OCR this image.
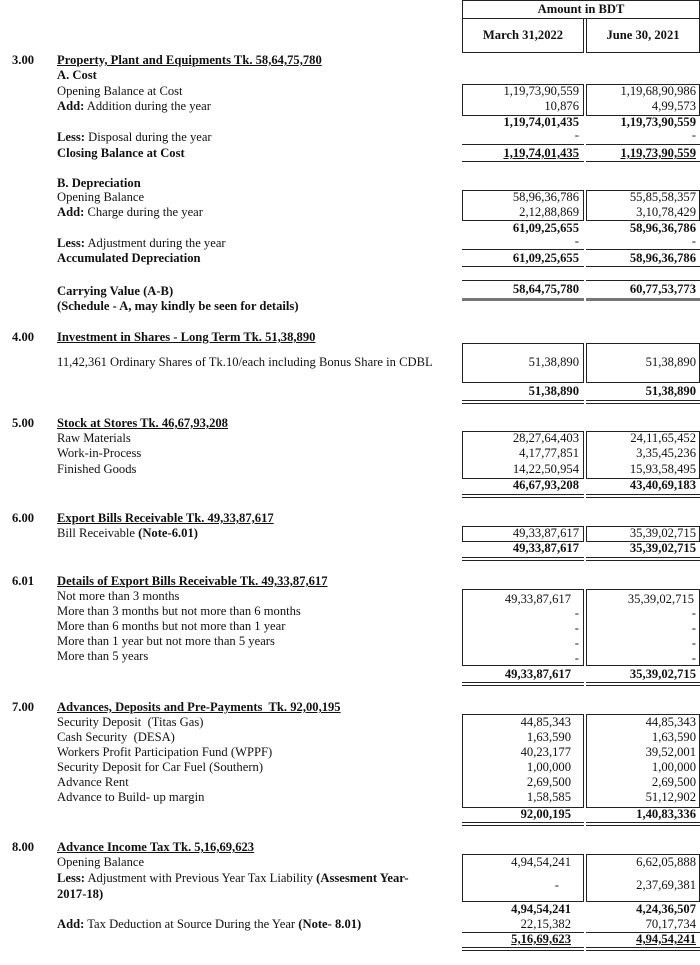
Amount in BDT
March 31,2022	June 30, 2021
3.00 Property, Plant and Equipments Tk. 58,64,75,780
A. Cost
Opening Balance at Cost	1,19,73,90,559	1,19,68,90,986
Add: Addition during the year	10,876	4,99,573
1,19,74,01,435	1,19,73,90,559
Less: Disposal during the year	-	-
Closing Balance at Cost	1,19,74,01,435	1,19,73,90,559
B. Depreciation
Opening Balance	58,96,36,786	55,85,58,357
Add: Charge during the year	2,12,88,869	3,10,78,429
61,09,25,655	58,96,36,786
Less: Adjustment during the year	-	-
Accumulated Depreciation	61,09,25,655	58,96,36,786
Carrying Value (A-B)	58,64,75,780	60,77,53,773
(Schedule - A, may kindly be seen for details)
4.00 Investment in Shares - Long Term Tk. 51,38,890
11,42,361 Ordinary Shares of Tk.10/each including Bonus Share in CDBL	51,38,890	51,38,890
51,38,890	51,38,890
5.00 Stock at Stores Tk. 46,67,93,208
Raw Materials	28,27,64,403	24,11,65,452
Work-in-Process	4,17,77,851	3,35,45,236
Finished Goods	14,22,50,954	15,93,58,495
46,67,93,208	43,40,69,183
6.00 Export Bills Receivable Tk. 49,33,87,617
Bill Receivable (Note-6.01)	49,33,87,617	35,39,02,715
49,33,87,617	35,39,02,715
6.01 Details of Export Bills Receivable Tk. 49,33,87,617
Not more than 3 months	49,33,87,617	35,39,02,715
More than 3 months but not more than 6 months	-	-
More than 6 months but not more than 1 year	-	-
More than 1 year but not more than 5 years	-	-
More than 5 years	-	-
49,33,87,617	35,39,02,715
7.00 Advances, Deposits and Pre-Payments  Tk. 92,00,195
Security Deposit  (Titas Gas)	44,85,343	44,85,343
Cash Security  (DESA)	1,63,590	1,63,590
Workers Profit Participation Fund (WPPF)	40,23,177	39,52,001
Security Deposit for Car Fuel (Southern)	1,00,000	1,00,000
Advance Rent	2,69,500	2,69,500
Advance to Build- up margin	1,58,585	51,12,902
92,00,195	1,40,83,336
8.00 Advance Income Tax Tk. 5,16,69,623
Opening Balance	4,94,54,241	6,62,05,888
Less: Adjustment with Previous Year Tax Liability (Assesment Year-
2017-18)
-	2,37,69,381
4,94,54,241	4,24,36,507
Add: Tax Deduction at Source During the Year (Note- 8.01)	22,15,382	70,17,734
5,16,69,623	4,94,54,241
